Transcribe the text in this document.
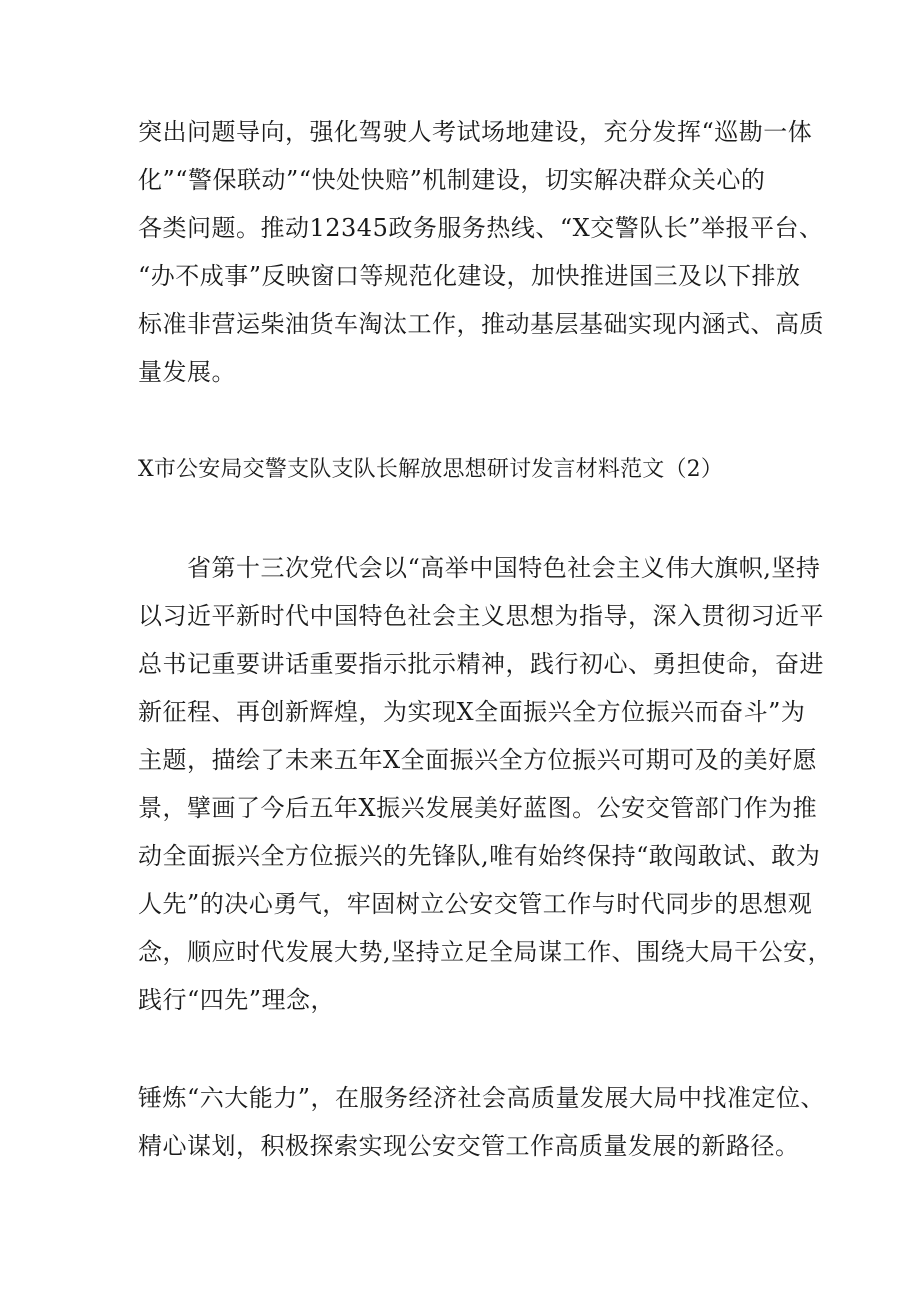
突出问题导向，强化驾驶人考试场地建设，充分发挥“巡勘一体
化”“警保联动”“快处快赔”机制建设，切实解决群众关心的
各类问题。推动12345政务服务热线、“X交警队长”举报平台、
“办不成事”反映窗口等规范化建设，加快推进国三及以下排放
标准非营运柴油货车淘汰工作，推动基层基础实现内涵式、高质
量发展。
X市公安局交警支队支队长解放思想研讨发言材料范文（2）
　　省第十三次党代会以“高举中国特色社会主义伟大旗帜,坚持
以习近平新时代中国特色社会主义思想为指导，深入贯彻习近平
总书记重要讲话重要指示批示精神，践行初心、勇担使命，奋进
新征程、再创新辉煌，为实现X全面振兴全方位振兴而奋斗”为
主题，描绘了未来五年X全面振兴全方位振兴可期可及的美好愿
景，擘画了今后五年X振兴发展美好蓝图。公安交管部门作为推
动全面振兴全方位振兴的先锋队,唯有始终保持“敢闯敢试、敢为
人先”的决心勇气，牢固树立公安交管工作与时代同步的思想观
念，顺应时代发展大势,坚持立足全局谋工作、围绕大局干公安，
践行“四先”理念，
锤炼“六大能力”，在服务经济社会高质量发展大局中找准定位、
精心谋划，积极探索实现公安交管工作高质量发展的新路径。
